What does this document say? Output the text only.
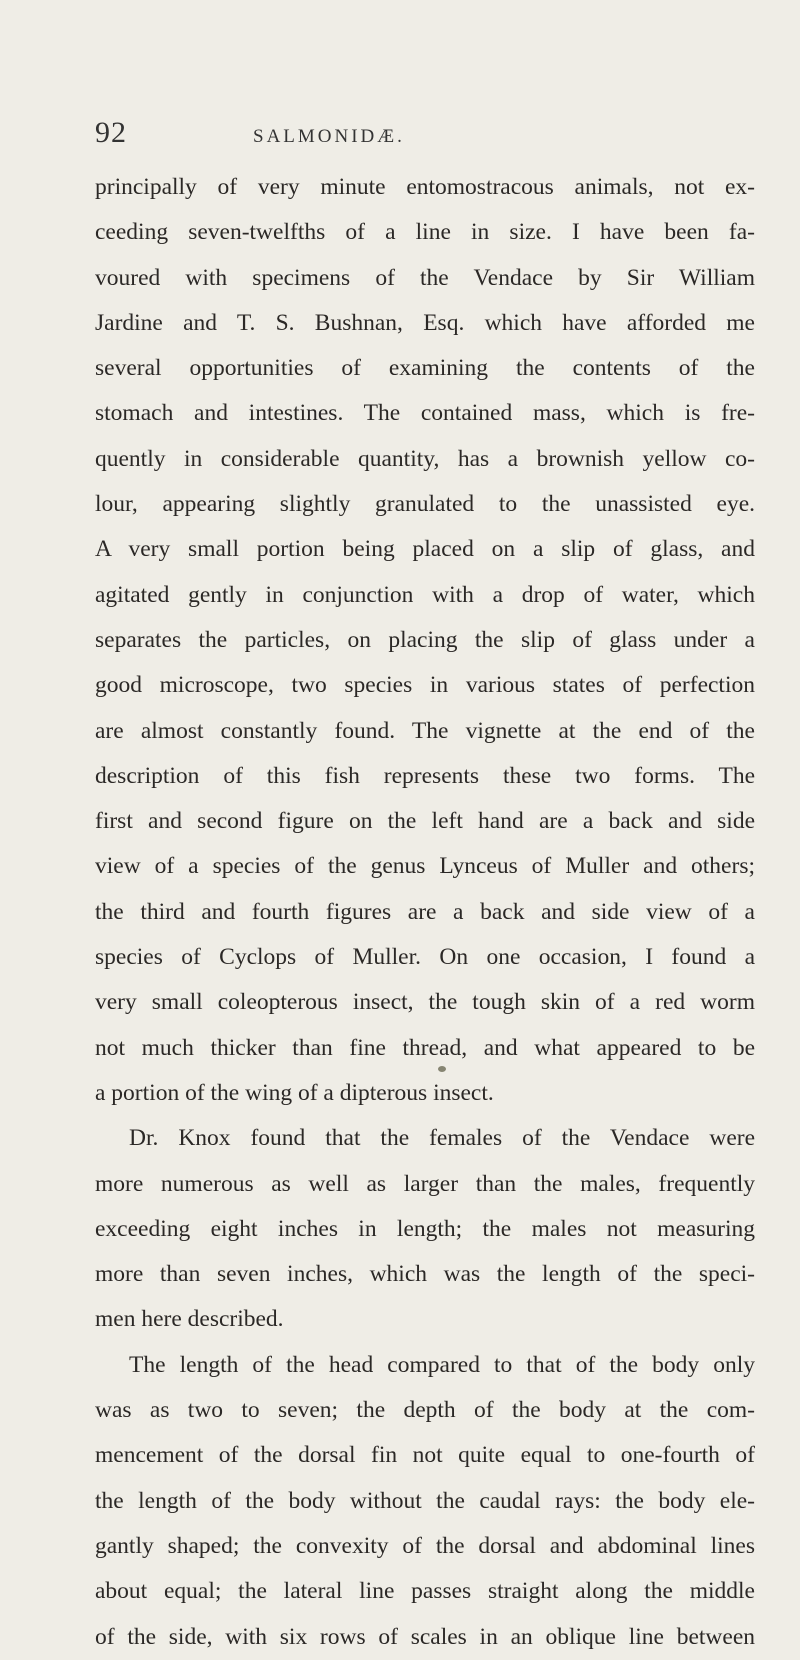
92	SALMONIDÆ.
principally of very minute entomostracous animals, not ex-
ceeding seven-twelfths of a line in size. I have been fa-
voured with specimens of the Vendace by Sir William
Jardine and T. S. Bushnan, Esq. which have afforded me
several opportunities of examining the contents of the
stomach and intestines. The contained mass, which is fre-
quently in considerable quantity, has a brownish yellow co-
lour, appearing slightly granulated to the unassisted eye.
A very small portion being placed on a slip of glass, and
agitated gently in conjunction with a drop of water, which
separates the particles, on placing the slip of glass under a
good microscope, two species in various states of perfection
are almost constantly found. The vignette at the end of the
description of this fish represents these two forms. The
first and second figure on the left hand are a back and side
view of a species of the genus Lynceus of Muller and others;
the third and fourth figures are a back and side view of a
species of Cyclops of Muller. On one occasion, I found a
very small coleopterous insect, the tough skin of a red worm
not much thicker than fine thread, and what appeared to be
a portion of the wing of a dipterous insect.
Dr. Knox found that the females of the Vendace were
more numerous as well as larger than the males, frequently
exceeding eight inches in length; the males not measuring
more than seven inches, which was the length of the speci-
men here described.
The length of the head compared to that of the body only
was as two to seven; the depth of the body at the com-
mencement of the dorsal fin not quite equal to one-fourth of
the length of the body without the caudal rays: the body ele-
gantly shaped; the convexity of the dorsal and abdominal lines
about equal; the lateral line passes straight along the middle
of the side, with six rows of scales in an oblique line between
